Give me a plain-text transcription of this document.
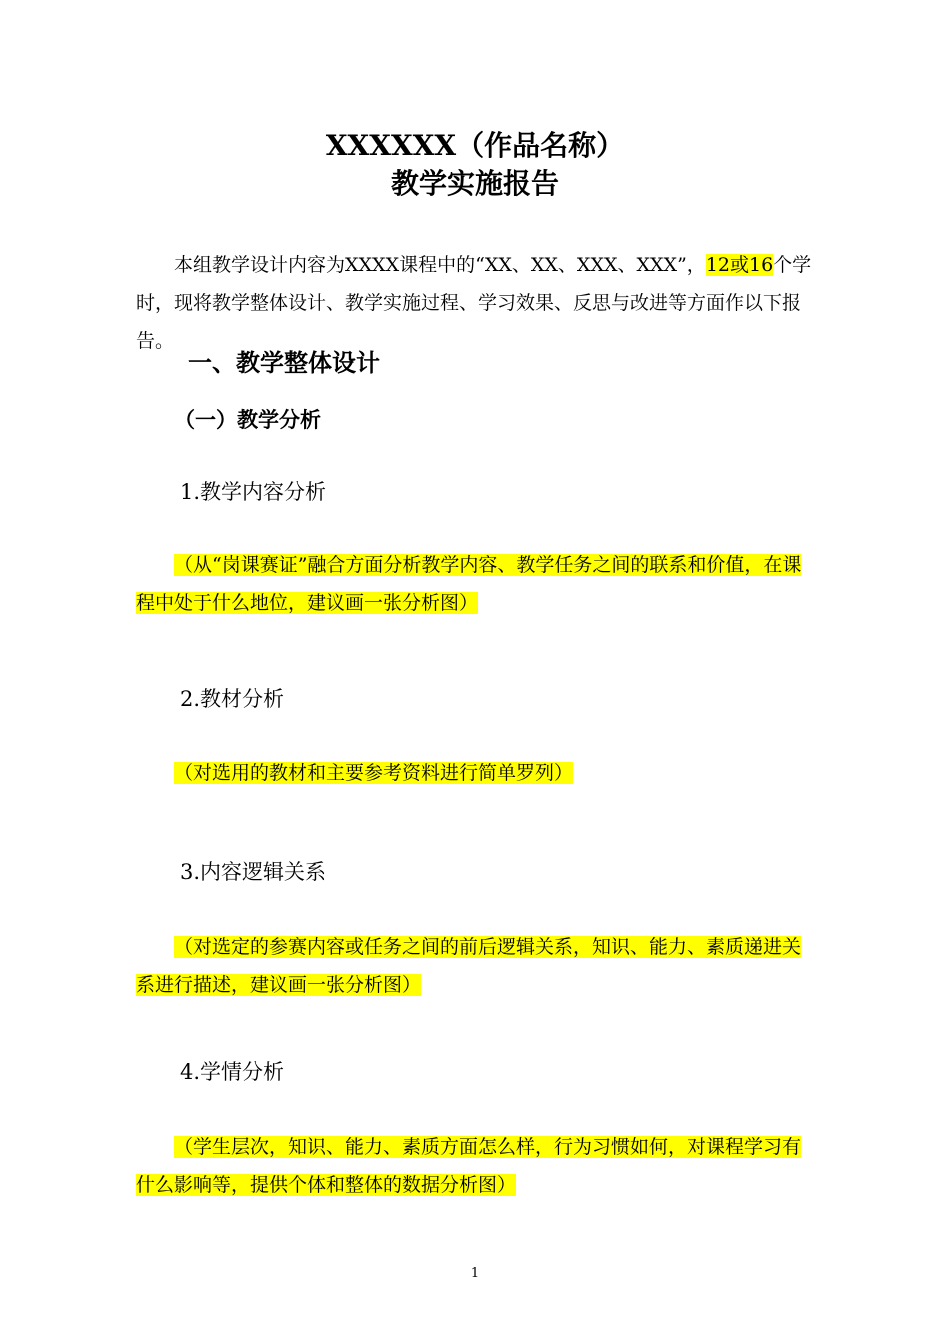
XXXXXX（作品名称）
教学实施报告
本组教学设计内容为XXXX课程中的“XX、XX、XXX、XXX”，12或16个学时，现将教学整体设计、教学实施过程、学习效果、反思与改进等方面作以下报告。
一、教学整体设计
（一）教学分析
1.教学内容分析
（从“岗课赛证”融合方面分析教学内容、教学任务之间的联系和价值，在课程中处于什么地位，建议画一张分析图）
2.教材分析
（对选用的教材和主要参考资料进行简单罗列）
3.内容逻辑关系
（对选定的参赛内容或任务之间的前后逻辑关系，知识、能力、素质递进关系进行描述，建议画一张分析图）
4.学情分析
（学生层次，知识、能力、素质方面怎么样，行为习惯如何，对课程学习有什么影响等，提供个体和整体的数据分析图）
1
